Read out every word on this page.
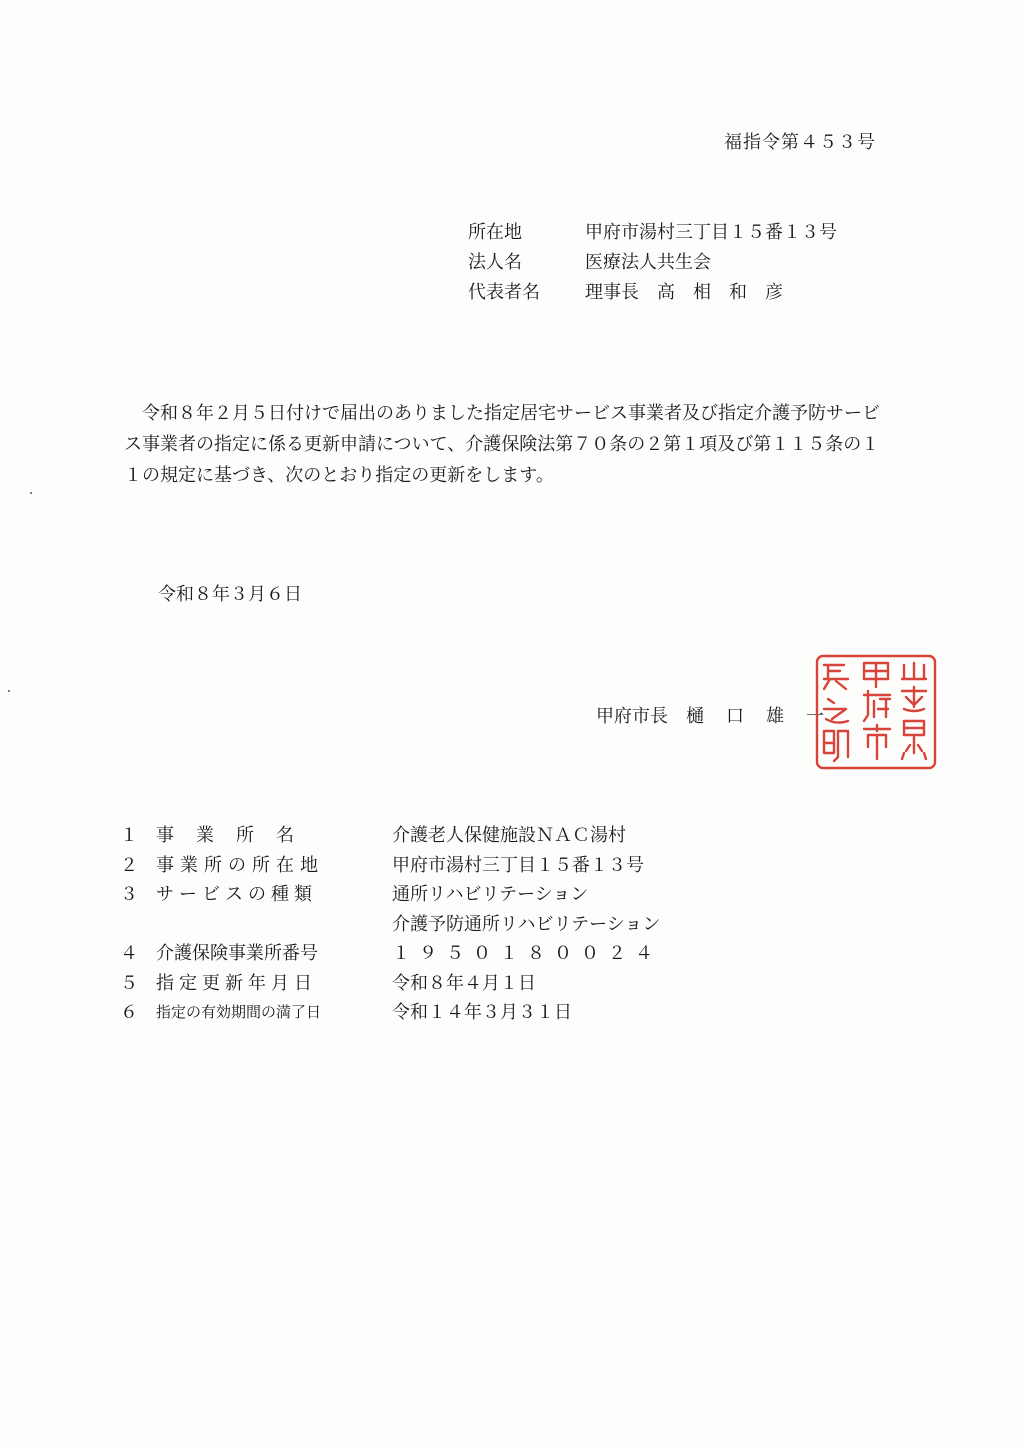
福指令第４５３号
所在地	甲府市湯村三丁目１５番１３号
法人名	医療法人共生会
代表者名	理事長　高　相　和　彦
令和８年２月５日付けで届出のありました指定居宅サービス事業者及び指定介護予防サービス事業者の指定に係る更新申請について、介護保険法第７０条の２第１項及び第１１５条の１１の規定に基づき、次のとおり指定の更新をします。
令和８年３月６日
甲府市長　 樋　口　雄　一
１	事業所名	介護老人保健施設ＮＡＣ湯村
２	事業所の所在地	甲府市湯村三丁目１５番１３号
３	サービスの種類	通所リハビリテーション
介護予防通所リハビリテーション
４	介護保険事業所番号	１９５０１８００２４
５	指定更新年月日	令和８年４月１日
６	指定の有効期間の満了日	令和１４年３月３１日
